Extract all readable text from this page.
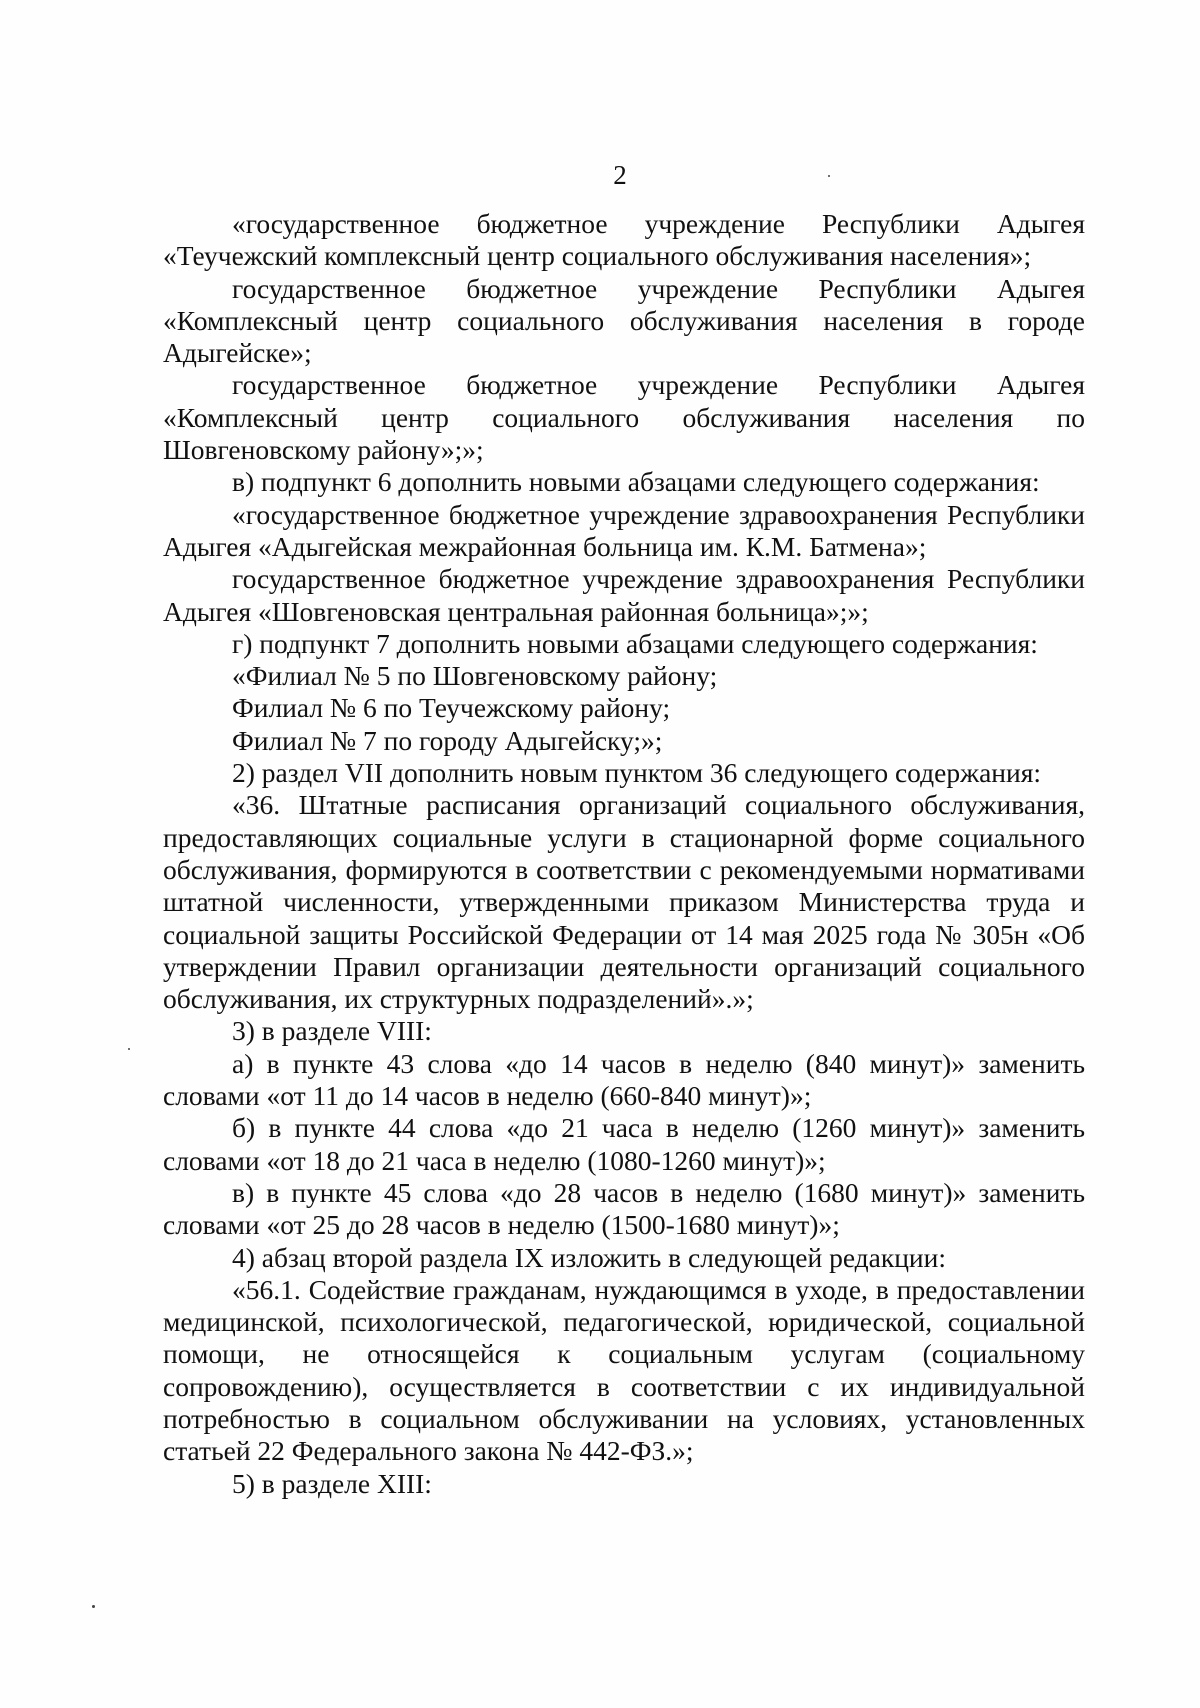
2

«государственное бюджетное учреждение Республики Адыгея «Теучежский комплексный центр социального обслуживания населения»;

государственное бюджетное учреждение Республики Адыгея «Комплексный центр социального обслуживания населения в городе Адыгейске»;

государственное бюджетное учреждение Республики Адыгея «Комплексный центр социального обслуживания населения по Шовгеновскому району»;»;

в) подпункт 6 дополнить новыми абзацами следующего содержания:

«государственное бюджетное учреждение здравоохранения Республики Адыгея «Адыгейская межрайонная больница им. К.М. Батмена»;

государственное бюджетное учреждение здравоохранения Республики Адыгея «Шовгеновская центральная районная больница»;»;

г) подпункт 7 дополнить новыми абзацами следующего содержания:

«Филиал № 5 по Шовгеновскому району;

Филиал № 6 по Теучежскому району;

Филиал № 7 по городу Адыгейску;»;

2) раздел VII дополнить новым пунктом 36 следующего содержания:

«36. Штатные расписания организаций социального обслуживания, предоставляющих социальные услуги в стационарной форме социального обслуживания, формируются в соответствии с рекомендуемыми нормативами штатной численности, утвержденными приказом Министерства труда и социальной защиты Российской Федерации от 14 мая 2025 года № 305н «Об утверждении Правил организации деятельности организаций социального обслуживания, их структурных подразделений».»;

3) в разделе VIII:

а) в пункте 43 слова «до 14 часов в неделю (840 минут)» заменить словами «от 11 до 14 часов в неделю (660-840 минут)»;

б) в пункте 44 слова «до 21 часа в неделю (1260 минут)» заменить словами «от 18 до 21 часа в неделю (1080-1260 минут)»;

в) в пункте 45 слова «до 28 часов в неделю (1680 минут)» заменить словами «от 25 до 28 часов в неделю (1500-1680 минут)»;

4) абзац второй раздела IX изложить в следующей редакции:

«56.1. Содействие гражданам, нуждающимся в уходе, в предоставлении медицинской, психологической, педагогической, юридической, социальной помощи, не относящейся к социальным услугам (социальному сопровождению), осуществляется в соответствии с их индивидуальной потребностью в социальном обслуживании на условиях, установленных статьей 22 Федерального закона № 442-ФЗ.»;

5) в разделе XIII:
